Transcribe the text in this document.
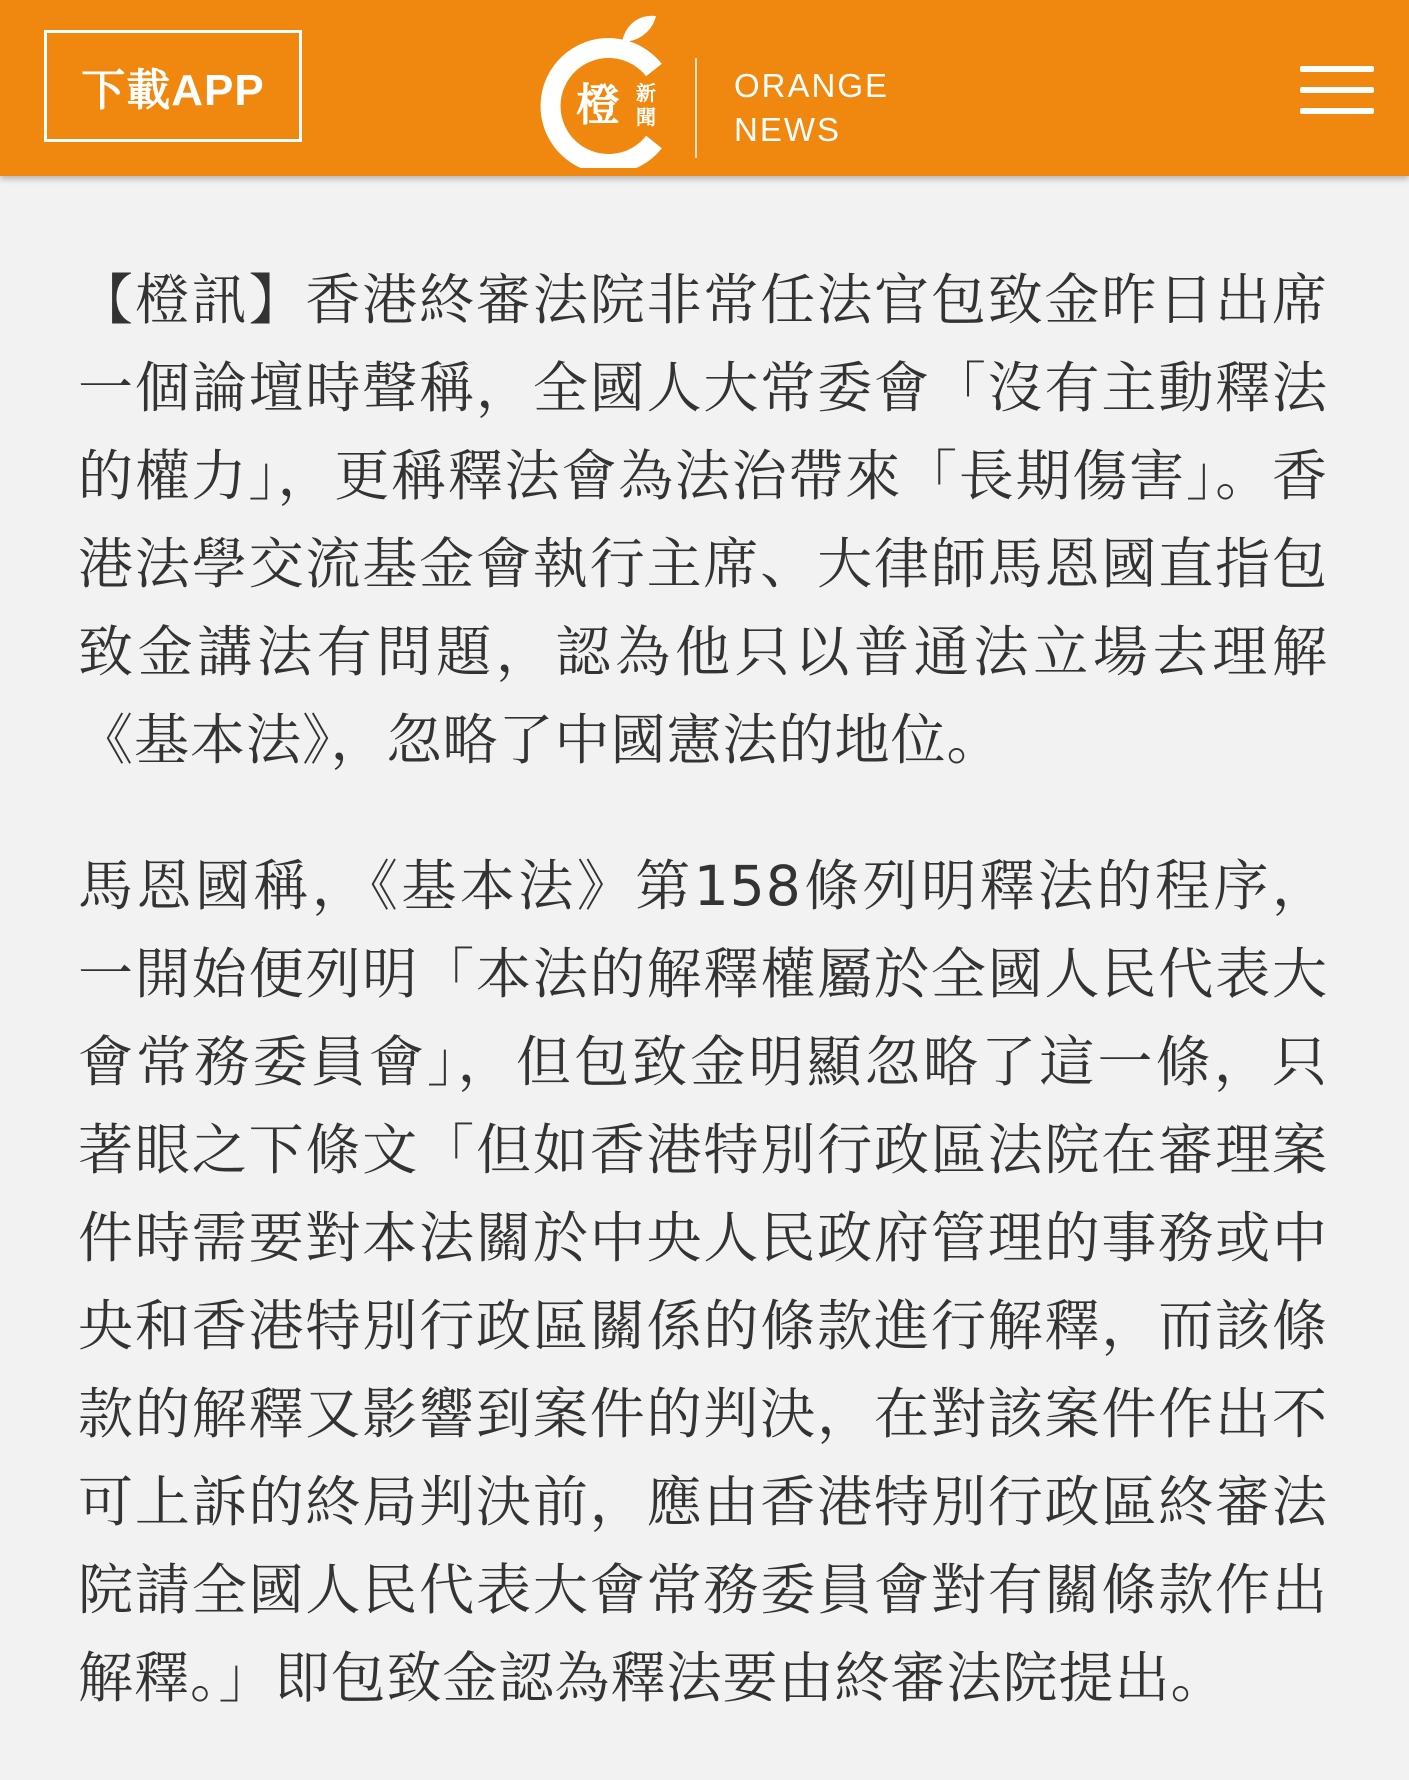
下載APP	橙 新
聞
ORANGE
NEWS

【橙訊】香港終審法院非常任法官包致金昨日出席一個論壇時聲稱，全國人大常委會「沒有主動釋法的權力」，更稱釋法會為法治帶來「長期傷害」。香港法學交流基金會執行主席、大律師馬恩國直指包致金講法有問題，認為他只以普通法立場去理解《基本法》，忽略了中國憲法的地位。

馬恩國稱，《基本法》第158條列明釋法的程序，一開始便列明「本法的解釋權屬於全國人民代表大會常務委員會」，但包致金明顯忽略了這一條，只著眼之下條文「但如香港特別行政區法院在審理案件時需要對本法關於中央人民政府管理的事務或中央和香港特別行政區關係的條款進行解釋，而該條款的解釋又影響到案件的判決，在對該案件作出不可上訴的終局判決前，應由香港特別行政區終審法院請全國人民代表大會常務委員會對有關條款作出解釋。」即包致金認為釋法要由終審法院提出。
